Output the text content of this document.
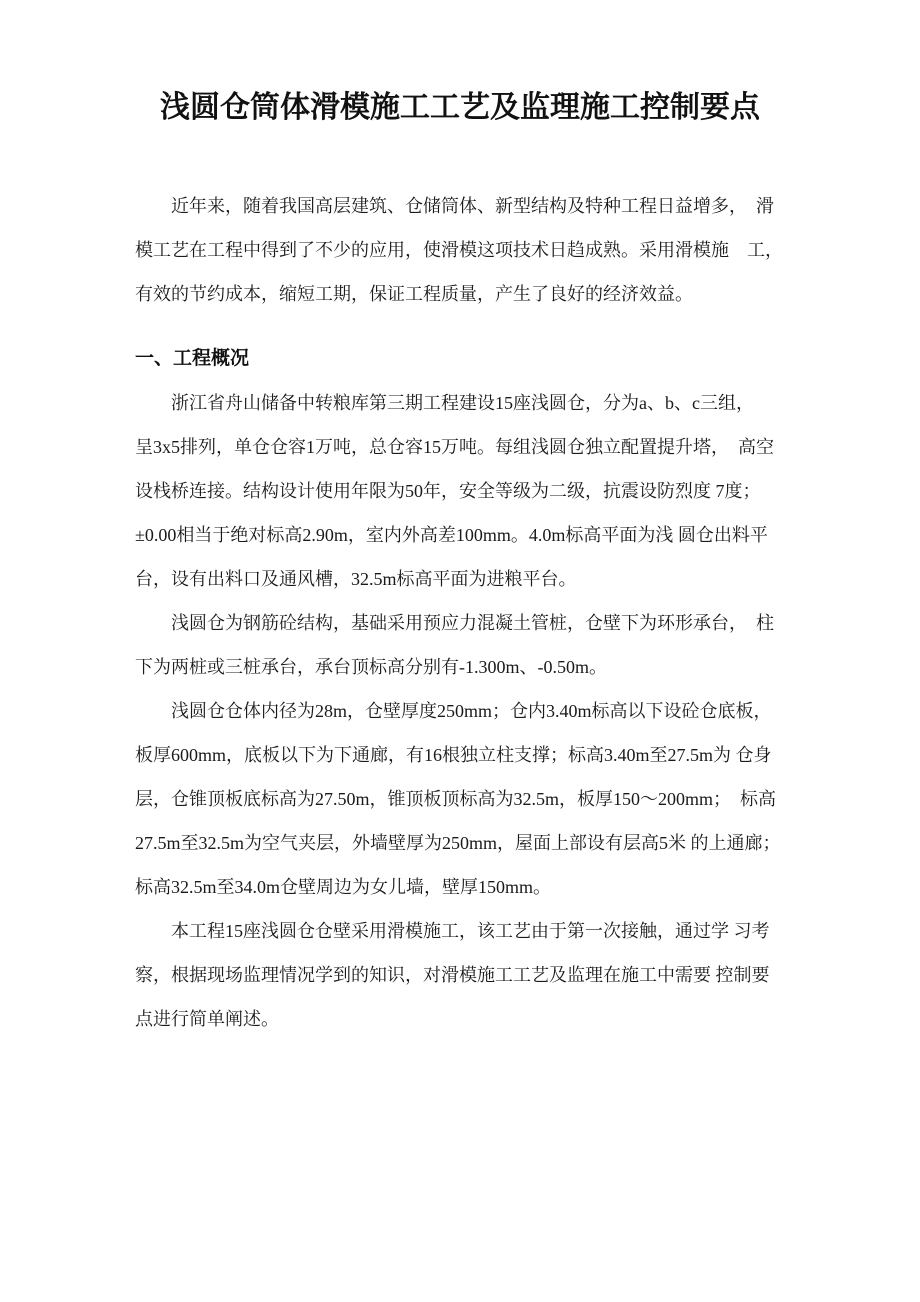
浅圆仓筒体滑模施工工艺及监理施工控制要点
近年来，随着我国高层建筑、仓储筒体、新型结构及特种工程日益增多，　滑
模工艺在工程中得到了不少的应用，使滑模这项技术日趋成熟。采用滑模施　工，
有效的节约成本，缩短工期，保证工程质量，产生了良好的经济效益。
一、工程概况
浙江省舟山储备中转粮库第三期工程建设15座浅圆仓，分为a、b、c三组，
呈3x5排列，单仓仓容1万吨，总仓容15万吨。每组浅圆仓独立配置提升塔，　高空
设栈桥连接。结构设计使用年限为50年，安全等级为二级，抗震设防烈度 7度；
±0.00相当于绝对标高2.90m，室内外高差100mm。4.0m标高平面为浅 圆仓出料平
台，设有出料口及通风槽，32.5m标高平面为进粮平台。
浅圆仓为钢筋砼结构，基础采用预应力混凝土管桩，仓壁下为环形承台，　柱
下为两桩或三桩承台，承台顶标高分别有-1.300m、-0.50m。
浅圆仓仓体内径为28m，仓壁厚度250mm；仓内3.40m标高以下设砼仓底板，
板厚600mm，底板以下为下通廊，有16根独立柱支撑；标高3.40m至27.5m为 仓身
层，仓锥顶板底标高为27.50m，锥顶板顶标高为32.5m，板厚150〜200mm；　标高
27.5m至32.5m为空气夹层，外墙壁厚为250mm，屋面上部设有层高5米 的上通廊；
标高32.5m至34.0m仓壁周边为女儿墙，壁厚150mm。
本工程15座浅圆仓仓壁采用滑模施工，该工艺由于第一次接触，通过学 习考
察，根据现场监理情况学到的知识，对滑模施工工艺及监理在施工中需要 控制要
点进行简单阐述。
